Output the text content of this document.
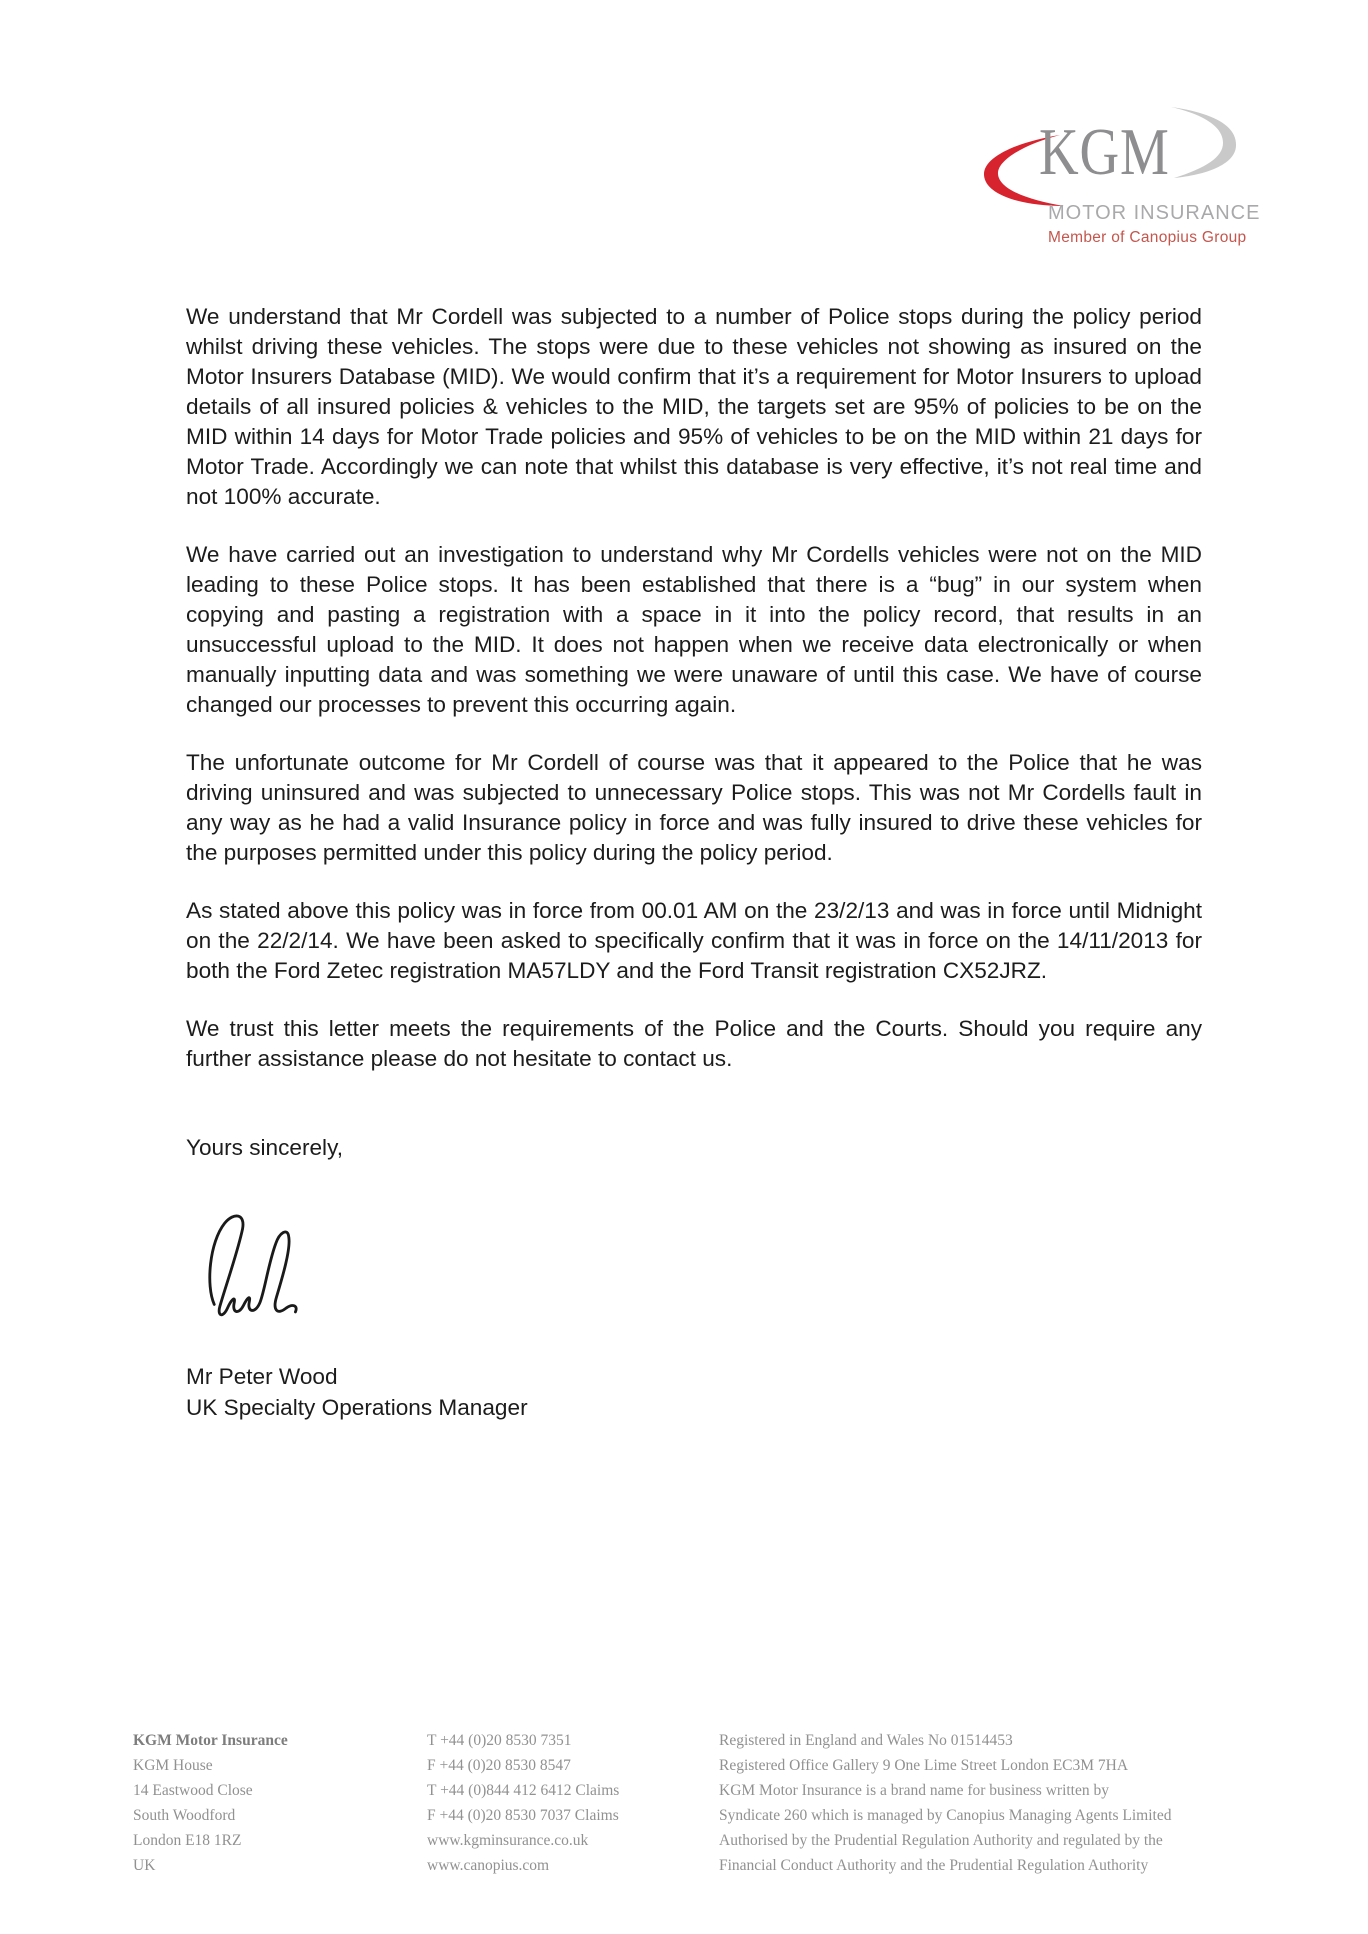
KGM
MOTOR INSURANCE
Member of Canopius Group

We understand that Mr Cordell was subjected to a number of Police stops during the policy period whilst driving these vehicles. The stops were due to these vehicles not showing as insured on the Motor Insurers Database (MID). We would confirm that it’s a requirement for Motor Insurers to upload details of all insured policies & vehicles to the MID, the targets set are 95% of policies to be on the MID within 14 days for Motor Trade policies and 95% of vehicles to be on the MID within 21 days for Motor Trade. Accordingly we can note that whilst this database is very effective, it’s not real time and not 100% accurate.

We have carried out an investigation to understand why Mr Cordells vehicles were not on the MID leading to these Police stops. It has been established that there is a “bug” in our system when copying and pasting a registration with a space in it into the policy record, that results in an unsuccessful upload to the MID. It does not happen when we receive data electronically or when manually inputting data and was something we were unaware of until this case. We have of course changed our processes to prevent this occurring again.

The unfortunate outcome for Mr Cordell of course was that it appeared to the Police that he was driving uninsured and was subjected to unnecessary Police stops. This was not Mr Cordells fault in any way as he had a valid Insurance policy in force and was fully insured to drive these vehicles for the purposes permitted under this policy during the policy period.

As stated above this policy was in force from 00.01 AM on the 23/2/13 and was in force until Midnight on the 22/2/14. We have been asked to specifically confirm that it was in force on the 14/11/2013 for both the Ford Zetec registration MA57LDY and the Ford Transit registration CX52JRZ.

We trust this letter meets the requirements of the Police and the Courts. Should you require any further assistance please do not hesitate to contact us.

Yours sincerely,
Mr Peter Wood
UK Specialty Operations Manager
KGM Motor Insurance
KGM House
14 Eastwood Close
South Woodford
London E18 1RZ
UK
T +44 (0)20 8530 7351
F +44 (0)20 8530 8547
T +44 (0)844 412 6412 Claims
F +44 (0)20 8530 7037 Claims
www.kgminsurance.co.uk
www.canopius.com
Registered in England and Wales No 01514453
Registered Office Gallery 9 One Lime Street London EC3M 7HA
KGM Motor Insurance is a brand name for business written by
Syndicate 260 which is managed by Canopius Managing Agents Limited
Authorised by the Prudential Regulation Authority and regulated by the
Financial Conduct Authority and the Prudential Regulation Authority
